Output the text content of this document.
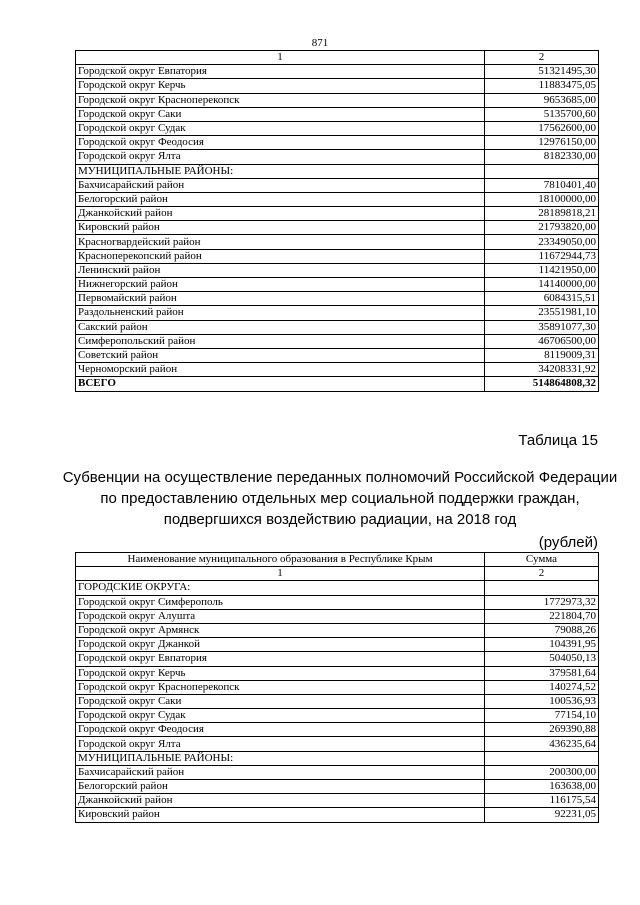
871
1	2
Городской округ Евпатория	51321495,30
Городской округ Керчь	11883475,05
Городской округ Красноперекопск	9653685,00
Городской округ Саки	5135700,60
Городской округ Судак	17562600,00
Городской округ Феодосия	12976150,00
Городской округ Ялта	8182330,00
МУНИЦИПАЛЬНЫЕ РАЙОНЫ:	
Бахчисарайский район	7810401,40
Белогорский район	18100000,00
Джанкойский район	28189818,21
Кировский район	21793820,00
Красногвардейский район	23349050,00
Красноперекопский район	11672944,73
Ленинский район	11421950,00
Нижнегорский район	14140000,00
Первомайский район	6084315,51
Раздольненский район	23551981,10
Сакский район	35891077,30
Симферопольский район	46706500,00
Советский район	8119009,31
Черноморский район	34208331,92
ВСЕГО	514864808,32
Таблица 15
Субвенции на осуществление переданных полномочий Российской Федерации
по предоставлению отдельных мер социальной поддержки граждан,
подвергшихся воздействию радиации, на 2018 год
(рублей)
Наименование муниципального образования в Республике Крым	Сумма
1	2
ГОРОДСКИЕ ОКРУГА:	
Городской округ Симферополь	1772973,32
Городской округ Алушта	221804,70
Городской округ Армянск	79088,26
Городской округ Джанкой	104391,95
Городской округ Евпатория	504050,13
Городской округ Керчь	379581,64
Городской округ Красноперекопск	140274,52
Городской округ Саки	100536,93
Городской округ Судак	77154,10
Городской округ Феодосия	269390,88
Городской округ Ялта	436235,64
МУНИЦИПАЛЬНЫЕ РАЙОНЫ:	
Бахчисарайский район	200300,00
Белогорский район	163638,00
Джанкойский район	116175,54
Кировский район	92231,05
